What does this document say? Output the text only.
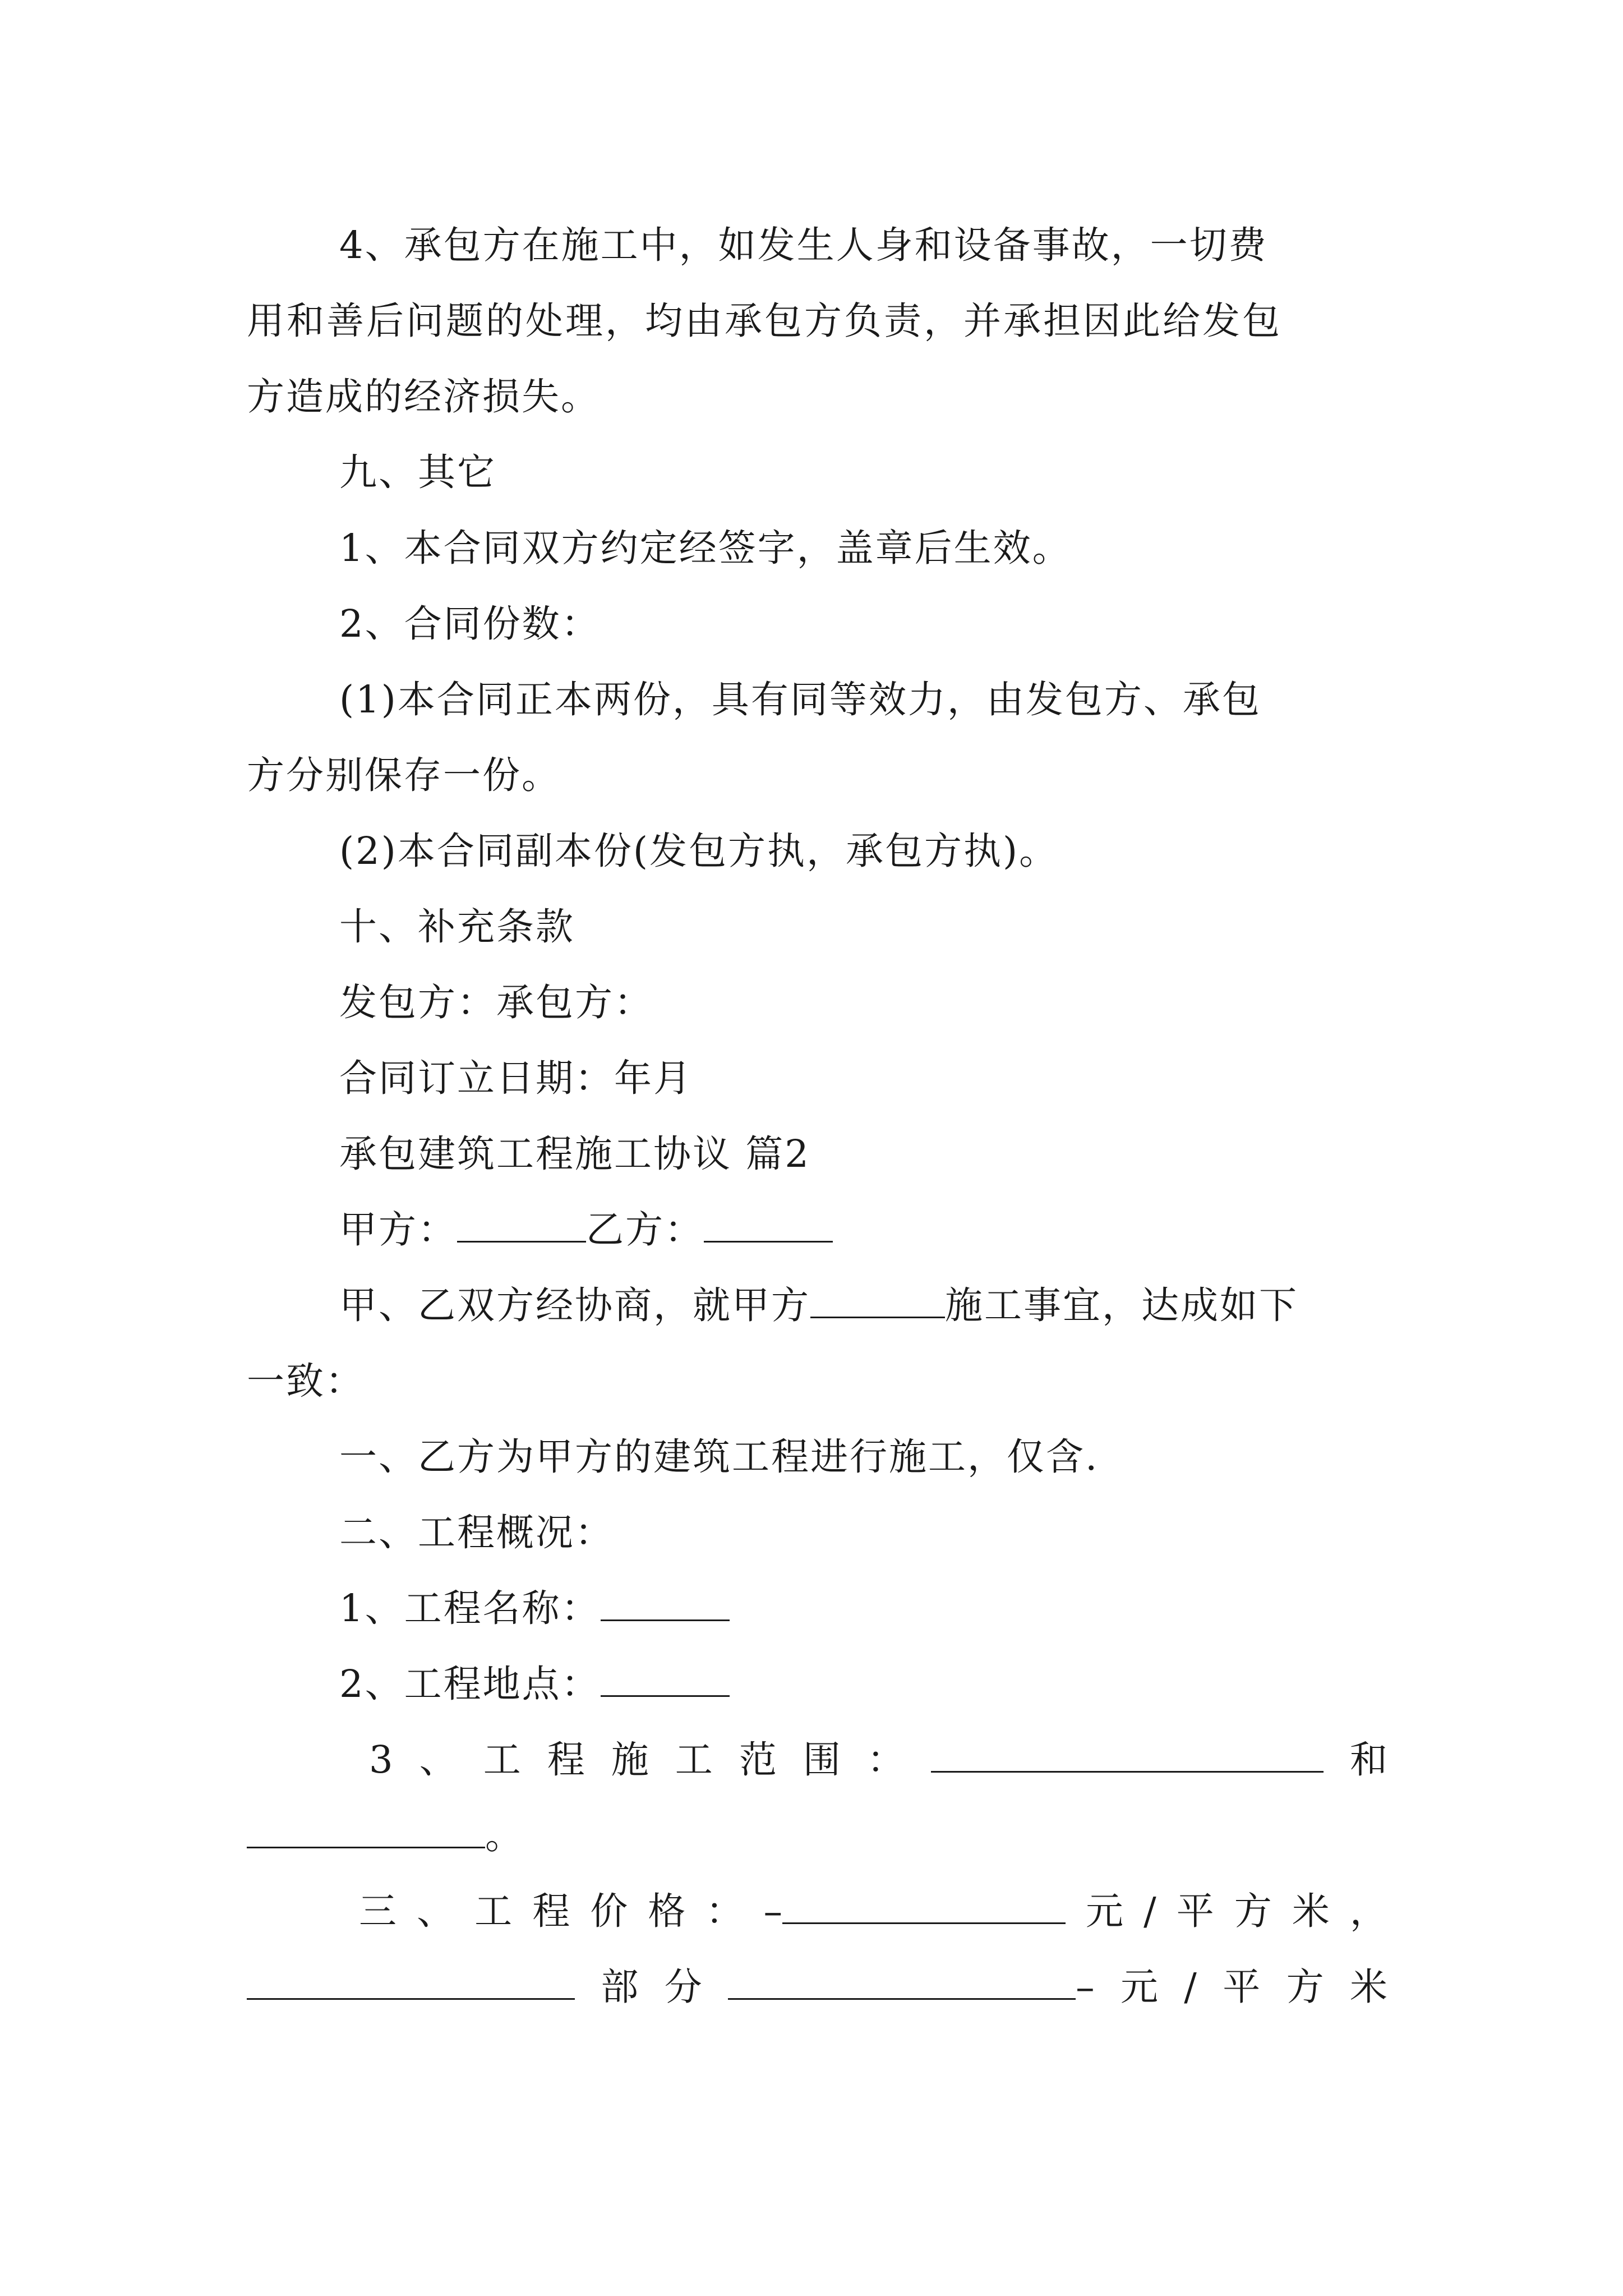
4、承包方在施工中，如发生人身和设备事故，一切费
用和善后问题的处理，均由承包方负责，并承担因此给发包
方造成的经济损失。
九、其它
1、本合同双方约定经签字，盖章后生效。
2、合同份数：
(1)本合同正本两份，具有同等效力，由发包方、承包
方分别保存一份。
(2)本合同副本份(发包方执，承包方执)。
十、补充条款
发包方：承包方：
合同订立日期：年月
承包建筑工程施工协议 篇2
甲方：	乙方：
甲、乙双方经协商，就甲方	施工事宜，达成如下
一致：
一、乙方为甲方的建筑工程进行施工，仅含.
二、工程概况：
1、工程名称：
2、工程地点：
3 、 工 程 施 工 范 围 ：	和
。
三 、 工 程 价 格 ： –	元 / 平 方 米 ，
部 分	– 元 / 平 方 米
